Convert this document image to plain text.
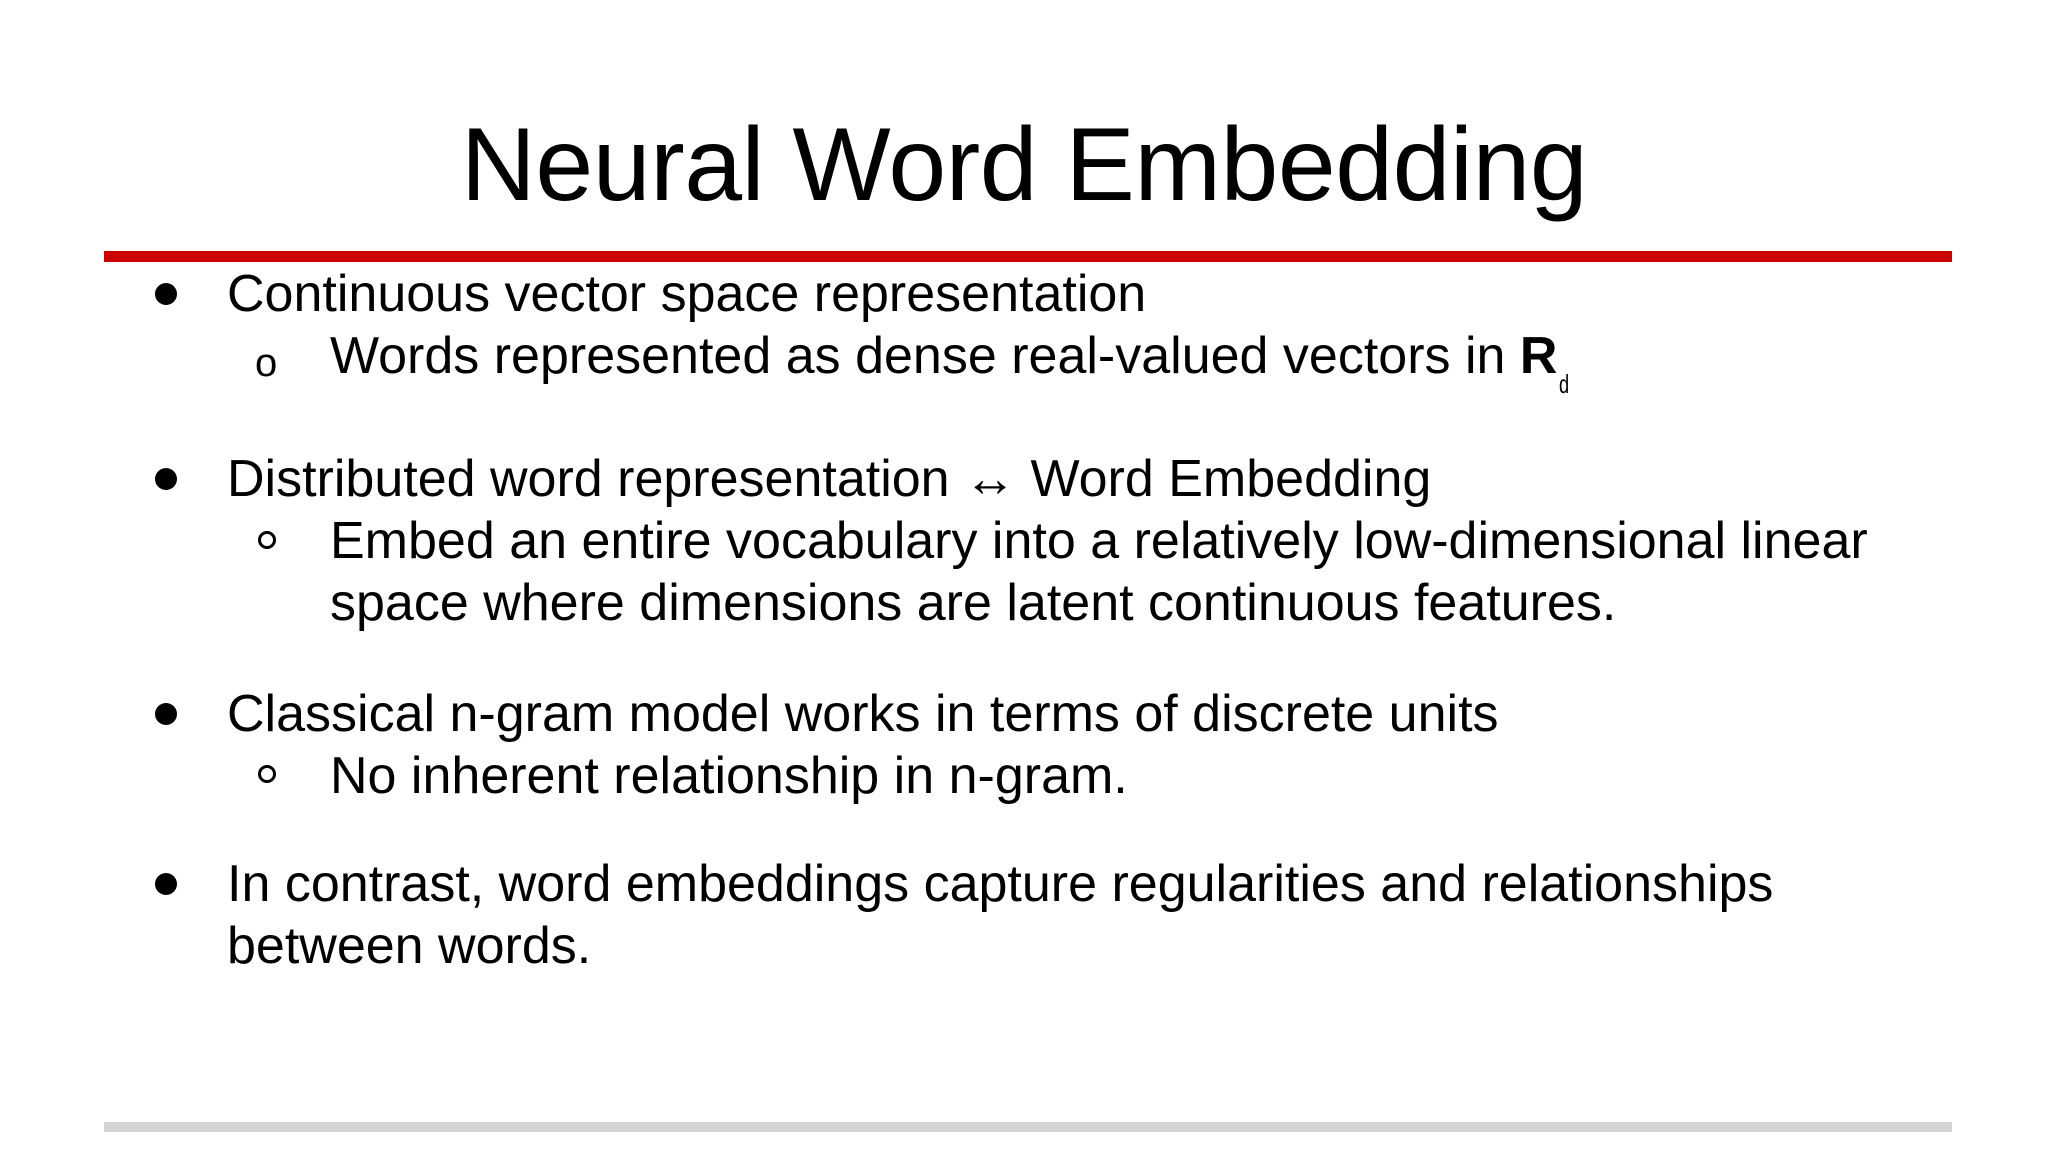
Neural Word Embedding
Continuous vector space representation
o Words represented as dense real-valued vectors in Rd
Distributed word representation ↔ Word Embedding
Embed an entire vocabulary into a relatively low-dimensional linear
space where dimensions are latent continuous features.
Classical n-gram model works in terms of discrete units
No inherent relationship in n-gram.
In contrast, word embeddings capture regularities and relationships
between words.
